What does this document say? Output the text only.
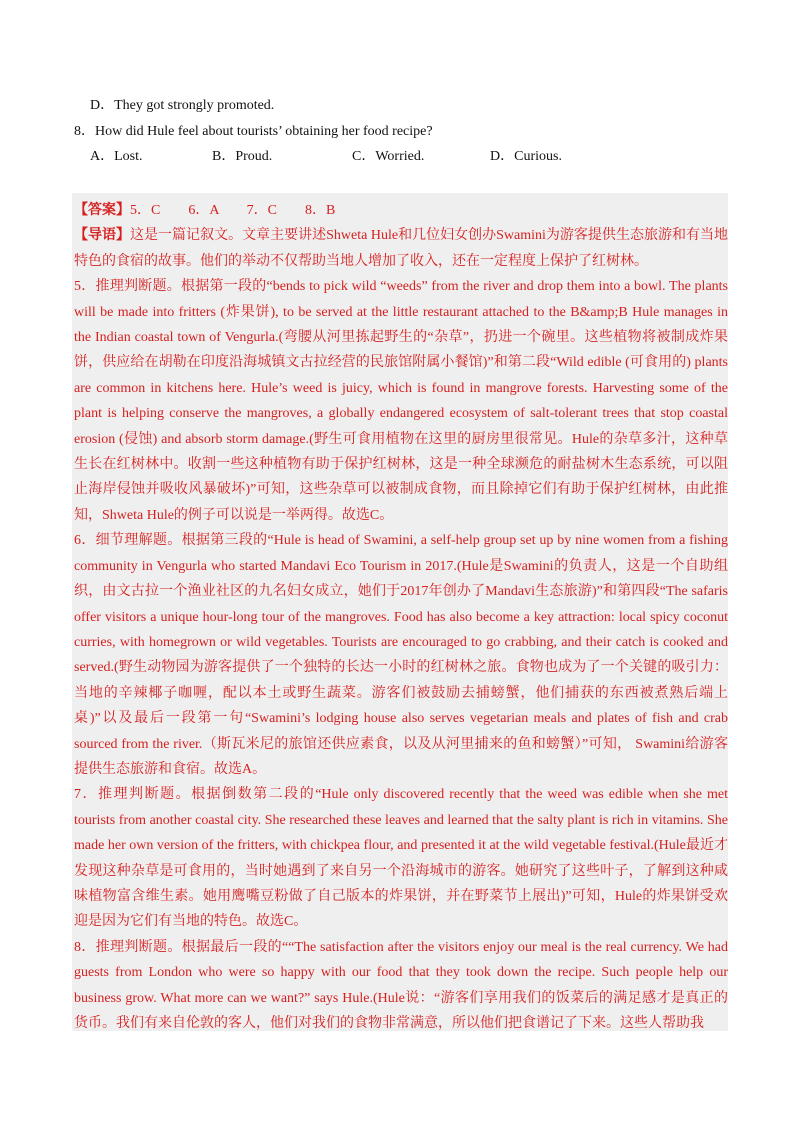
D．They got strongly promoted.
8．How did Hule feel about tourists’ obtaining her food recipe?
A．Lost.	B．Proud.	C．Worried.	D．Curious.

【答案】5．C　　6．A　　7．C　　8．B

【导语】这是一篇记叙文。文章主要讲述Shweta Hule和几位妇女创办Swamini为游客提供生态旅游和有当地特色的食宿的故事。他们的举动不仅帮助当地人增加了收入，还在一定程度上保护了红树林。

5．推理判断题。根据第一段的“bends to pick wild “weeds” from the river and drop them into a bowl. The plants will be made into fritters (炸果饼), to be served at the little restaurant attached to the B&amp;B Hule manages in the Indian coastal town of Vengurla.(弯腰从河里拣起野生的“杂草”，扔进一个碗里。这些植物将被制成炸果饼，供应给在胡勒在印度沿海城镇文古拉经营的民旅馆附属小餐馆)”和第二段“Wild edible (可食用的) plants are common in kitchens here. Hule’s weed is juicy, which is found in mangrove forests. Harvesting some of the plant is helping conserve the mangroves, a globally endangered ecosystem of salt-tolerant trees that stop coastal erosion (侵蚀) and absorb storm damage.(野生可食用植物在这里的厨房里很常见。Hule的杂草多汁，这种草生长在红树林中。收割一些这种植物有助于保护红树林，这是一种全球濒危的耐盐树木生态系统，可以阻止海岸侵蚀并吸收风暴破坏)”可知，这些杂草可以被制成食物，而且除掉它们有助于保护红树林，由此推知，Shweta Hule的例子可以说是一举两得。故选C。

6．细节理解题。根据第三段的“Hule is head of Swamini, a self-help group set up by nine women from a fishing community in Vengurla who started Mandavi Eco Tourism in 2017.(Hule是Swamini的负责人，这是一个自助组织，由文古拉一个渔业社区的九名妇女成立，她们于2017年创办了Mandavi生态旅游)”和第四段“The safaris offer visitors a unique hour-long tour of the mangroves. Food has also become a key attraction: local spicy coconut curries, with homegrown or wild vegetables. Tourists are encouraged to go crabbing, and their catch is cooked and served.(野生动物园为游客提供了一个独特的长达一小时的红树林之旅。食物也成为了一个关键的吸引力：当地的辛辣椰子咖喱，配以本土或野生蔬菜。游客们被鼓励去捕螃蟹，他们捕获的东西被煮熟后端上桌)”以及最后一段第一句“Swamini’s lodging house also serves vegetarian meals and plates of fish and crab sourced from the river.（斯瓦米尼的旅馆还供应素食，以及从河里捕来的鱼和螃蟹）”可知， Swamini给游客提供生态旅游和食宿。故选A。

7．推理判断题。根据倒数第二段的“Hule only discovered recently that the weed was edible when she met tourists from another coastal city. She researched these leaves and learned that the salty plant is rich in vitamins. She made her own version of the fritters, with chickpea flour, and presented it at the wild vegetable festival.(Hule最近才发现这种杂草是可食用的，当时她遇到了来自另一个沿海城市的游客。她研究了这些叶子，了解到这种咸味植物富含维生素。她用鹰嘴豆粉做了自己版本的炸果饼，并在野菜节上展出)”可知，Hule的炸果饼受欢迎是因为它们有当地的特色。故选C。

8．推理判断题。根据最后一段的““The satisfaction after the visitors enjoy our meal is the real currency. We had guests from London who were so happy with our food that they took down the recipe. Such people help our business grow. What more can we want?” says Hule.(Hule说：“游客们享用我们的饭菜后的满足感才是真正的货币。我们有来自伦敦的客人，他们对我们的食物非常满意，所以他们把食谱记了下来。这些人帮助我
